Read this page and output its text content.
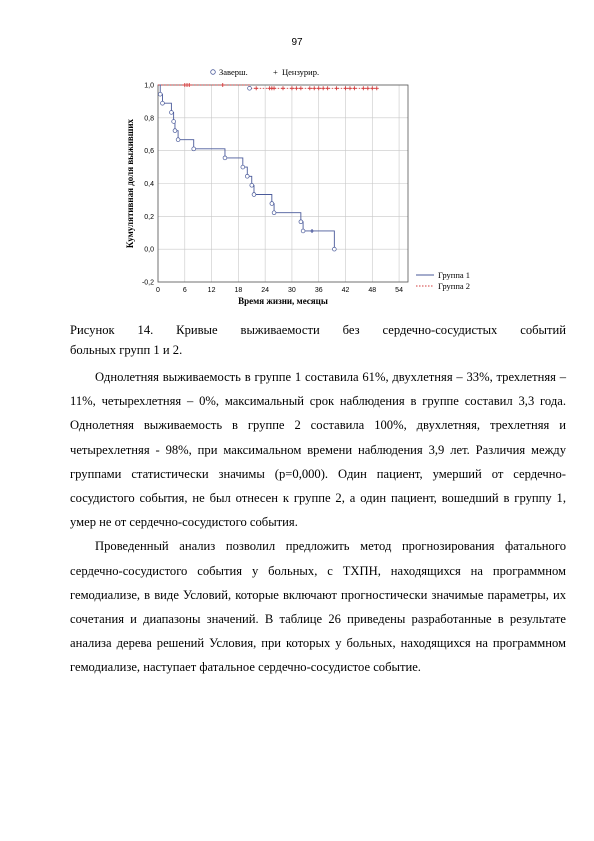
97
-0,2
0,0
0,2
0,4
0,6
0,8
1,0
0	6	12	18	24	30	36	42	48	54
Время жизни, месяцы
Кумулятивная доля выживших
Заверш.	+ Цензурир.
Группа 1
Группа 2
Рисунок 14. Кривые выживаемости без сердечно-сосудистых событий
больных групп 1 и 2.

Однолетняя выживаемость в группе 1 составила 61%, двухлетняя – 33%, трехлетняя – 11%, четырехлетняя – 0%, максимальный срок наблюдения в группе составил 3,3 года. Однолетняя выживаемость в группе 2 составила 100%, двухлетняя, трехлетняя и четырехлетняя - 98%, при максимальном времени наблюдения 3,9 лет. Различия между группами статистически значимы (p=0,000). Один пациент, умерший от сердечно-сосудистого события, не был отнесен к группе 2, а один пациент, вошедший в группу 1, умер не от сердечно-сосудистого события.

Проведенный анализ позволил предложить метод прогнозирования фатального сердечно-сосудистого события у больных, с ТХПН, находящихся на программном гемодиализе, в виде Условий, которые включают прогностически значимые параметры, их сочетания и диапазоны значений. В таблице 26 приведены разработанные в результате анализа дерева решений Условия, при которых у больных, находящихся на программном гемодиализе, наступает фатальное сердечно-сосудистое событие.
